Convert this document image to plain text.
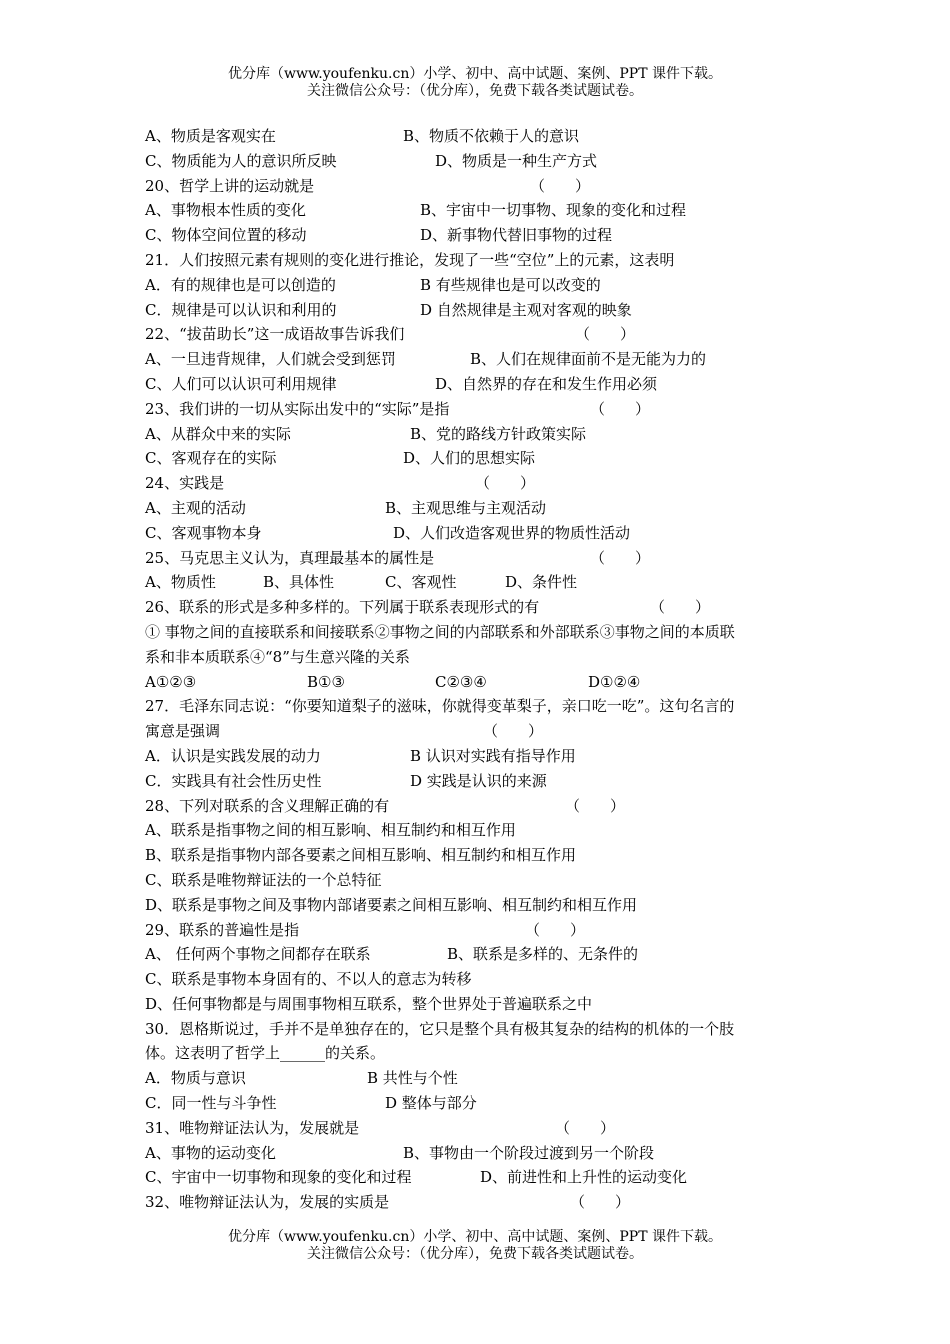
优分库（www.youfenku.cn）小学、初中、高中试题、案例、PPT 课件下载。
关注微信公众号：（优分库），免费下载各类试题试卷。
A、物质是客观实在	B、物质不依赖于人的意识
C、物质能为人的意识所反映	D、物质是一种生产方式
20、哲学上讲的运动就是	（　　）
A、事物根本性质的变化	B、宇宙中一切事物、现象的变化和过程
C、物体空间位置的移动	D、新事物代替旧事物的过程
21．人们按照元素有规则的变化进行推论，发现了一些“空位”上的元素，这表明
A．有的规律也是可以创造的	B 有些规律也是可以改变的
C．规律是可以认识和利用的	D 自然规律是主观对客观的映象
22、“拔苗助长”这一成语故事告诉我们	（　　）
A、一旦违背规律，人们就会受到惩罚	B、人们在规律面前不是无能为力的
C、人们可以认识可利用规律	D、自然界的存在和发生作用必须
23、我们讲的一切从实际出发中的“实际”是指	（　　）
A、从群众中来的实际	B、党的路线方针政策实际
C、客观存在的实际	D、人们的思想实际
24、实践是	（　　）
A、主观的活动	B、主观思维与主观活动
C、客观事物本身	D、人们改造客观世界的物质性活动
25、马克思主义认为，真理最基本的属性是	（　　）
A、物质性	B、具体性	C、客观性	D、条件性
26、联系的形式是多种多样的。下列属于联系表现形式的有	（　　）
① 事物之间的直接联系和间接联系②事物之间的内部联系和外部联系③事物之间的本质联
系和非本质联系④“8”与生意兴隆的关系
A①②③	B①③	C②③④	D①②④
27．毛泽东同志说：“你要知道梨子的滋味，你就得变革梨子，亲口吃一吃”。这句名言的
寓意是强调	（　　）
A．认识是实践发展的动力	B 认识对实践有指导作用
C．实践具有社会性历史性	D 实践是认识的来源
28、下列对联系的含义理解正确的有	（　　）
A、联系是指事物之间的相互影响、相互制约和相互作用
B、联系是指事物内部各要素之间相互影响、相互制约和相互作用
C、联系是唯物辩证法的一个总特征
D、联系是事物之间及事物内部诸要素之间相互影响、相互制约和相互作用
29、联系的普遍性是指	（　　）
A、 任何两个事物之间都存在联系	B、联系是多样的、无条件的
C、联系是事物本身固有的、不以人的意志为转移
D、任何事物都是与周围事物相互联系，整个世界处于普遍联系之中
30．恩格斯说过，手并不是单独存在的，它只是整个具有极其复杂的结构的机体的一个肢
体。这表明了哲学上______的关系。
A．物质与意识	B 共性与个性
C．同一性与斗争性	D 整体与部分
31、唯物辩证法认为，发展就是	（　　）
A、事物的运动变化	B、事物由一个阶段过渡到另一个阶段
C、宇宙中一切事物和现象的变化和过程	D、前进性和上升性的运动变化
32、唯物辩证法认为，发展的实质是	（　　）
优分库（www.youfenku.cn）小学、初中、高中试题、案例、PPT 课件下载。
关注微信公众号：（优分库），免费下载各类试题试卷。
